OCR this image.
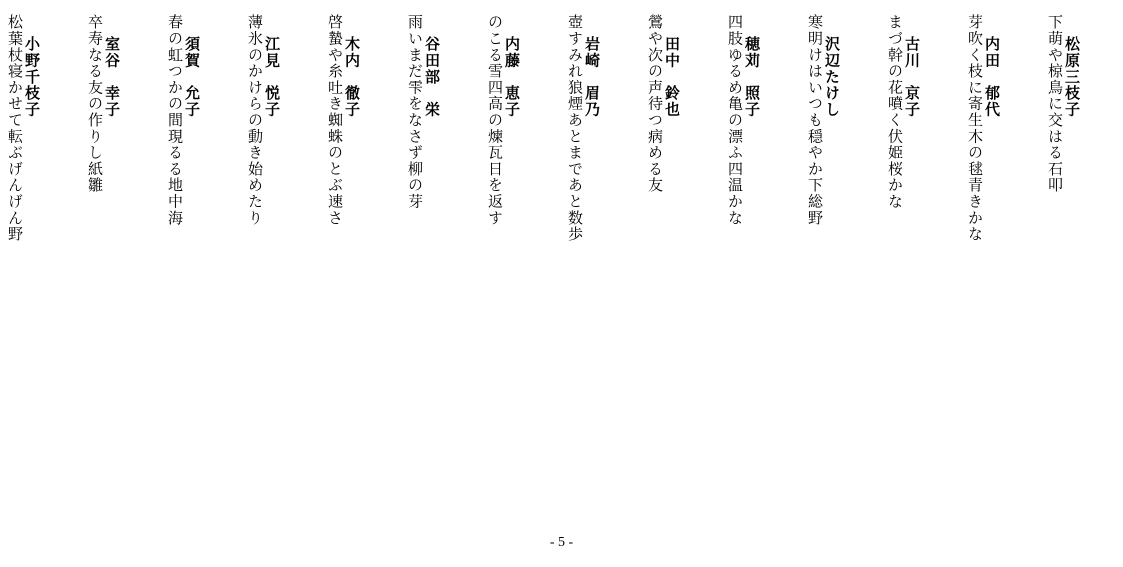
松原三枝子
下萌や椋鳥に交はる石叩
内田　郁代
芽吹く枝に寄生木の毬青きかな
古川　京子
まづ幹の花噴く伏姫桜かな
沢辺たけし
寒明けはいつも穏やか下総野
穂苅　照子
四肢ゆるめ亀の漂ふ四温かな
田中　鈴也
鶯や次の声待つ病める友
岩崎　眉乃
壺すみれ狼煙あとまであと数歩
内藤　恵子
のこる雪四高の煉瓦日を返す
谷田部　栄
雨いまだ雫をなさず柳の芽
木内　徹子
啓蟄や糸吐き蜘蛛のとぶ速さ
江見　悦子
薄氷のかけらの動き始めたり
須賀　允子
春の虹つかの間現るる地中海
室谷　幸子
卒寿なる友の作りし紙雛
小野千枝子
松葉杖寝かせて転ぶげんげん野
- 5 -
